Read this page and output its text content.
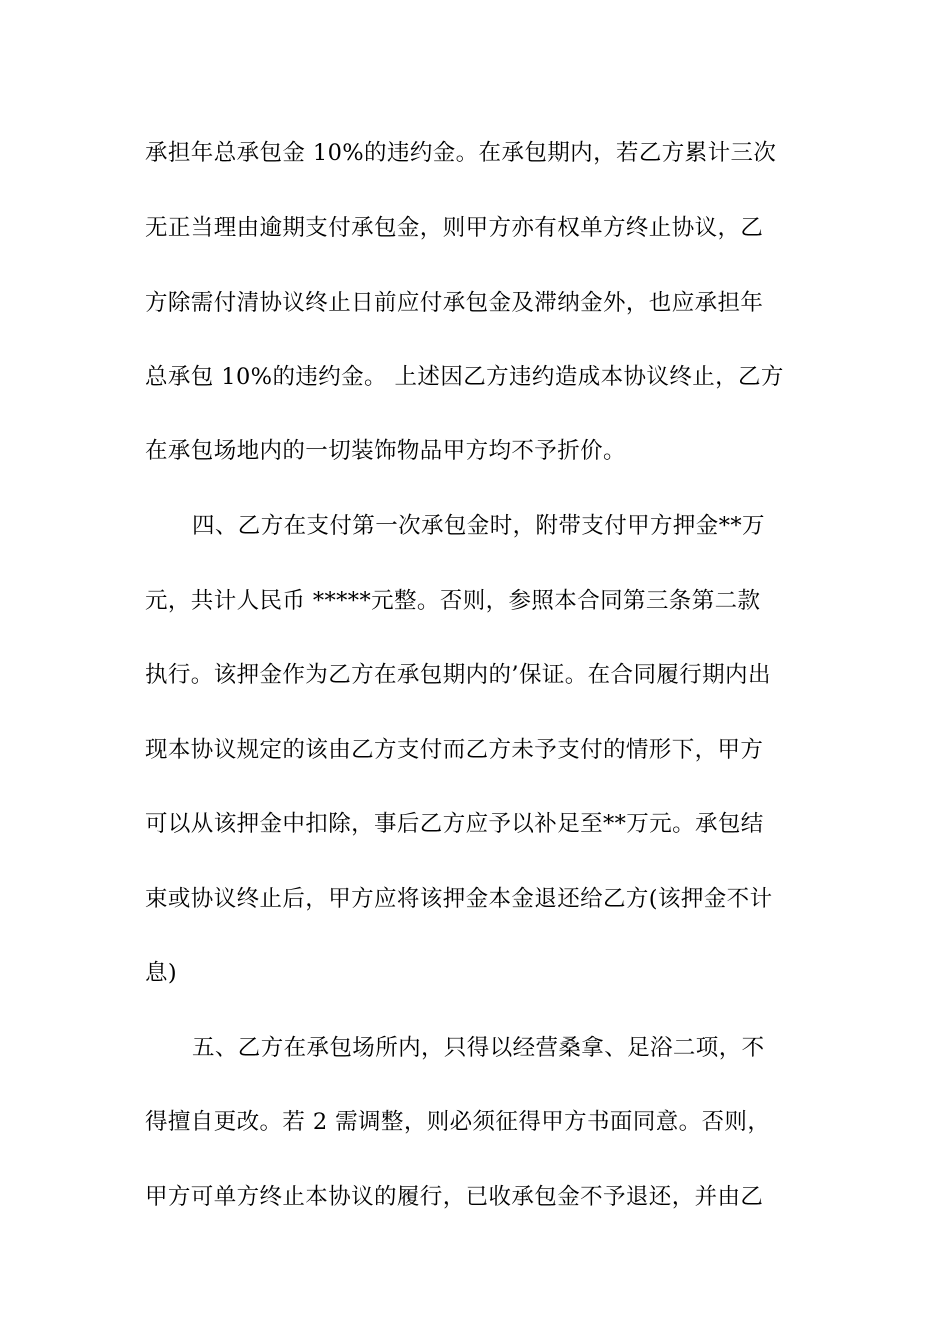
承担年总承包金 10%的违约金。在承包期内，若乙方累计三次
无正当理由逾期支付承包金，则甲方亦有权单方终止协议，乙
方除需付清协议终止日前应付承包金及滞纳金外，也应承担年
总承包 10%的违约金。 上述因乙方违约造成本协议终止，乙方
在承包场地内的一切装饰物品甲方均不予折价。
四、乙方在支付第一次承包金时，附带支付甲方押金**万
元，共计人民币 *****元整。否则，参照本合同第三条第二款
执行。该押金作为乙方在承包期内的’保证。在合同履行期内出
现本协议规定的该由乙方支付而乙方未予支付的情形下，甲方
可以从该押金中扣除，事后乙方应予以补足至**万元。承包结
束或协议终止后，甲方应将该押金本金退还给乙方(该押金不计
息)
五、乙方在承包场所内，只得以经营桑拿、足浴二项，不
得擅自更改。若 2 需调整，则必须征得甲方书面同意。否则，
甲方可单方终止本协议的履行，已收承包金不予退还，并由乙
